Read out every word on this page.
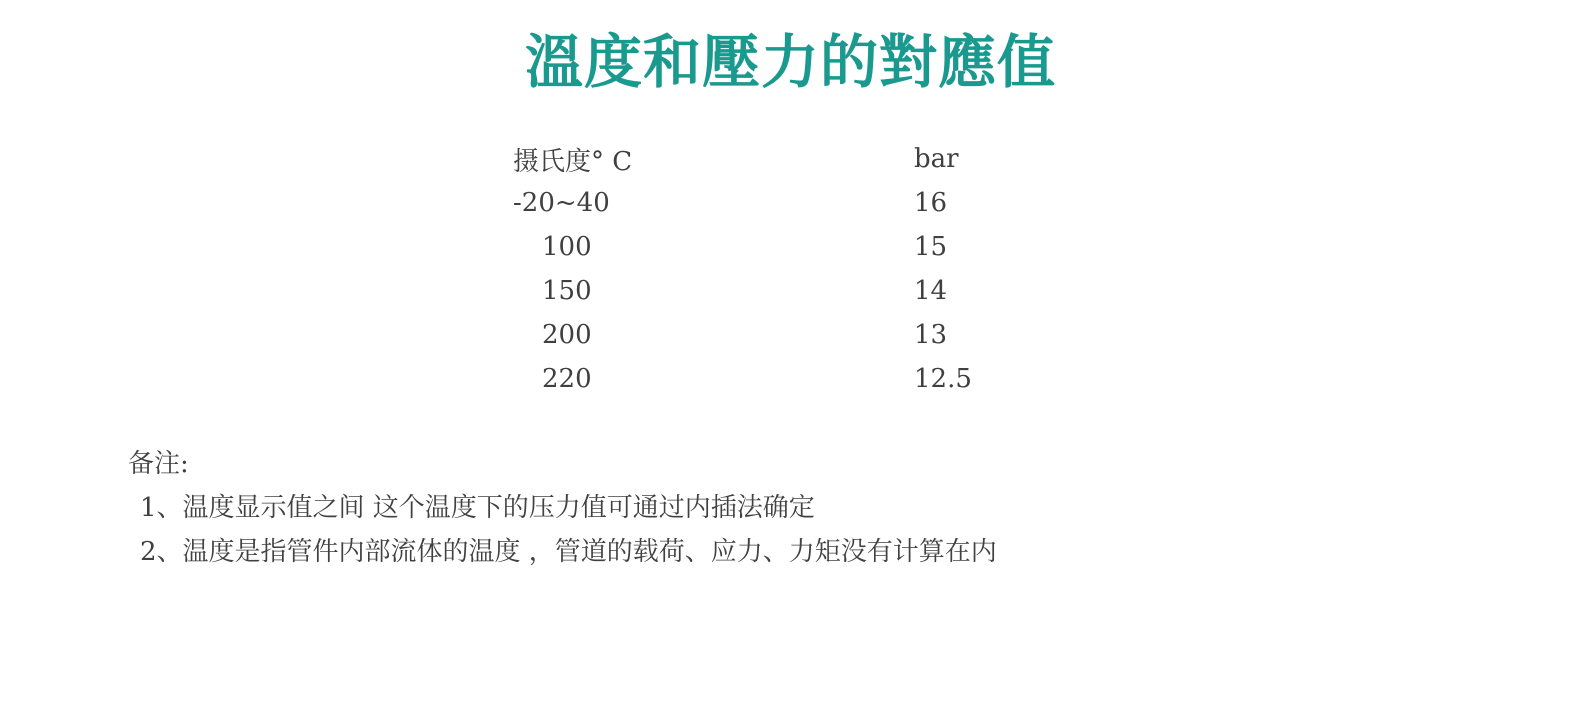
溫度和壓力的對應值
摄氏度° C	bar
-20~40	16
100	15
150	14
200	13
220	12.5
备注:
1、温度显示值之间 这个温度下的压力值可通过内插法确定
2、温度是指管件内部流体的温度 ，管道的载荷、应力、力矩没有计算在内
